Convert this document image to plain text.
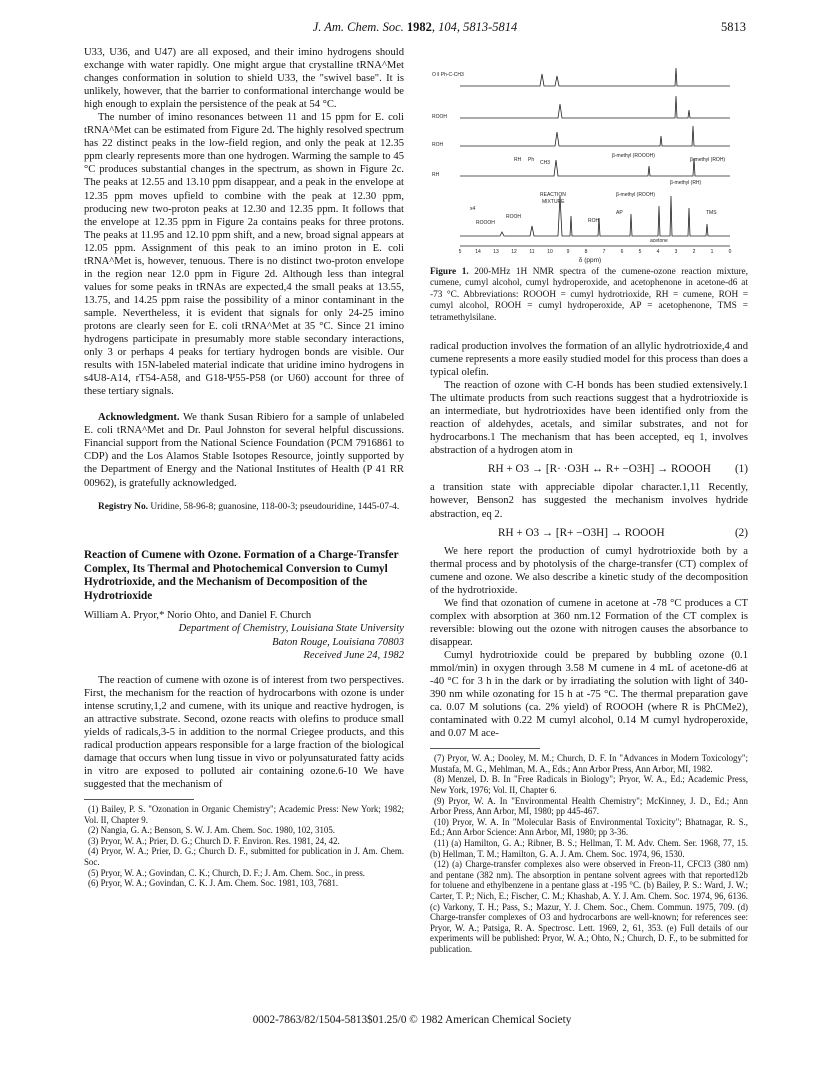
J. Am. Chem. Soc. 1982, 104, 5813-5814	5813

U33, U36, and U47) are all exposed, and their imino hydrogens should exchange with water rapidly. One might argue that crystalline tRNA^Met changes conformation in solution to shield U33, the "swivel base". It is unlikely, however, that the barrier to conformational interchange would be high enough to explain the persistence of the peak at 54 °C.

The number of imino resonances between 11 and 15 ppm for E. coli tRNA^Met can be estimated from Figure 2d. The highly resolved spectrum has 22 distinct peaks in the low-field region, and only the peak at 12.35 ppm clearly represents more than one hydrogen. Warming the sample to 45 °C produces substantial changes in the spectrum, as shown in Figure 2c. The peaks at 12.55 and 13.10 ppm disappear, and a peak in the envelope at 12.35 ppm moves upfield to combine with the peak at 12.30 ppm, producing new two-proton peaks at 12.30 and 12.35 ppm. It follows that the envelope at 12.35 ppm in Figure 2a contains peaks for three protons. The peaks at 11.95 and 12.10 ppm shift, and a new, broad signal appears at 12.05 ppm. Assignment of this peak to an imino proton in E. coli tRNA^Met is, however, tenuous. There is no distinct two-proton envelope in the region near 12.0 ppm in Figure 2d. Although less than integral values for some peaks in tRNAs are expected,4 the small peaks at 13.55, 13.75, and 14.25 ppm raise the possibility of a minor contaminant in the sample. Nevertheless, it is evident that signals for only 24-25 imino protons are clearly seen for E. coli tRNA^Met at 35 °C. Since 21 imino hydrogens participate in presumably more stable secondary interactions, only 3 or perhaps 4 peaks for tertiary hydrogen bonds are visible. Our results with 15N-labeled material indicate that uridine imino hydrogens in s4U8-A14, rT54-A58, and G18-Ψ55-P58 (or U60) account for three of these tertiary signals.

Acknowledgment. We thank Susan Ribiero for a sample of unlabeled E. coli tRNA^Met and Dr. Paul Johnston for several helpful discussions. Financial support from the National Science Foundation (PCM 7916861 to CDP) and the Los Alamos Stable Isotopes Resource, jointly supported by the Department of Energy and the National Institutes of Health (P 41 RR 00962), is gratefully acknowledged.

Registry No. Uridine, 58-96-8; guanosine, 118-00-3; pseudouridine, 1445-07-4.

Reaction of Cumene with Ozone. Formation of a Charge-Transfer Complex, Its Thermal and Photochemical Conversion to Cumyl Hydrotrioxide, and the Mechanism of Decomposition of the Hydrotrioxide

William A. Pryor,* Norio Ohto, and Daniel F. Church

Department of Chemistry, Louisiana State University

Baton Rouge, Louisiana 70803

Received June 24, 1982

The reaction of cumene with ozone is of interest from two perspectives. First, the mechanism for the reaction of hydrocarbons with ozone is under intense scrutiny,1,2 and cumene, with its unique and reactive hydrogen, is an attractive substrate. Second, ozone reacts with olefins to produce small yields of radicals,3-5 in addition to the normal Criegee products, and this radical production appears responsible for a large fraction of the biological damage that occurs when lung tissue in vivo or polyunsaturated fatty acids in vitro are exposed to polluted air containing ozone.6-10 We have suggested that the mechanism of

(1) Bailey, P. S. "Ozonation in Organic Chemistry"; Academic Press: New York; 1982; Vol. II, Chapter 9.

(2) Nangia, G. A.; Benson, S. W. J. Am. Chem. Soc. 1980, 102, 3105.

(3) Pryor, W. A.; Prier, D. G.; Church D. F. Environ. Res. 1981, 24, 42.

(4) Pryor, W. A.; Prier, D. G.; Church D. F., submitted for publication in J. Am. Chem. Soc.

(5) Pryor, W. A.; Govindan, C. K.; Church, D. F.; J. Am. Chem. Soc., in press.

(6) Pryor, W. A.; Govindan, C. K. J. Am. Chem. Soc. 1981, 103, 7681.

O ‖ Ph-C-CH3
ROOH
ROH
RH
RH Ph CH3
β-methyl (ROOOH)
β-methyl (ROH)
β-methyl (RH)
β-methyl (ROOH)
TMS
REACTION
MIXTURE
ROOOH
ROOH
ROH
AP
acetone
x4
5	14 13 12	11	10	9	8	7	6	5	4	3	2	1	0
δ (ppm)
Figure 1. 200-MHz 1H NMR spectra of the cumene-ozone reaction mixture, cumene, cumyl alcohol, cumyl hydroperoxide, and acetophenone in acetone-d6 at -73 °C. Abbreviations: ROOOH = cumyl hydrotrioxide, RH = cumene, ROH = cumyl alcohol, ROOH = cumyl hydroperoxide, AP = acetophenone, TMS = tetramethylsilane.

radical production involves the formation of an allylic hydrotrioxide,4 and cumene represents a more easily studied model for this process than does a typical olefin.

The reaction of ozone with C-H bonds has been studied extensively.1 The ultimate products from such reactions suggest that a hydrotrioxide is an intermediate, but hydrotrioxides have been identified only from the reaction of aldehydes, acetals, and similar substrates, and not for hydrocarbons.1 The mechanism that has been accepted, eq 1, involves abstraction of a hydrogen atom in

RH + O3 → [R· ·O3H ↔ R+ −O3H] → ROOOH (1)

a transition state with appreciable dipolar character.1,11 Recently, however, Benson2 has suggested the mechanism involves hydride abstraction, eq 2.

RH + O3 → [R+ −O3H] → ROOOH	(2)

We here report the production of cumyl hydrotrioxide both by a thermal process and by photolysis of the charge-transfer (CT) complex of cumene and ozone. We also describe a kinetic study of the decomposition of the hydrotrioxide.

We find that ozonation of cumene in acetone at -78 °C produces a CT complex with absorption at 360 nm.12 Formation of the CT complex is reversible: blowing out the ozone with nitrogen causes the absorbance to disappear.

Cumyl hydrotrioxide could be prepared by bubbling ozone (0.1 mmol/min) in oxygen through 3.58 M cumene in 4 mL of acetone-d6 at -40 °C for 3 h in the dark or by irradiating the solution with light of 340-390 nm while ozonating for 15 h at -75 °C. The thermal preparation gave ca. 0.07 M solutions (ca. 2% yield) of ROOOH (where R is PhCMe2), contaminated with 0.22 M cumyl alcohol, 0.14 M cumyl hydroperoxide, and 0.07 M ace-

(7) Pryor, W. A.; Dooley, M. M.; Church, D. F. In "Advances in Modern Toxicology"; Mustafa, M. G., Mehlman, M. A., Eds.; Ann Arbor Press, Ann Arbor, MI, 1982.

(8) Menzel, D. B. In "Free Radicals in Biology"; Pryor, W. A., Ed.; Academic Press, New York, 1976; Vol. II, Chapter 6.

(9) Pryor, W. A. In "Environmental Health Chemistry"; McKinney, J. D., Ed.; Ann Arbor Press, Ann Arbor, MI, 1980; pp 445-467.

(10) Pryor, W. A. In "Molecular Basis of Environmental Toxicity"; Bhatnagar, R. S., Ed.; Ann Arbor Science: Ann Arbor, MI, 1980; pp 3-36.

(11) (a) Hamilton, G. A.; Ribner, B. S.; Hellman, T. M. Adv. Chem. Ser. 1968, 77, 15. (b) Hellman, T. M.; Hamilton, G. A. J. Am. Chem. Soc. 1974, 96, 1530.

(12) (a) Charge-transfer complexes also were observed in Freon-11, CFCl3 (380 nm) and pentane (382 nm). The absorption in pentane solvent agrees with that reported12b for toluene and ethylbenzene in a pentane glass at -195 °C. (b) Bailey, P. S.: Ward, J. W.; Carter, T. P.; Nich, E.; Fischer, C. M.; Khashab, A. Y. J. Am. Chem. Soc. 1974, 96, 6136. (c) Varkony, T. H.; Pass, S.; Mazur, Y. J. Chem. Soc., Chem. Commun. 1975, 709. (d) Charge-transfer complexes of O3 and hydrocarbons are well-known; for references see: Pryor, W. A.; Patsiga, R. A. Spectrosc. Lett. 1969, 2, 61, 353. (e) Full details of our experiments will be published: Pryor, W. A.; Ohto, N.; Church, D. F., to be submitted for publication.

0002-7863/82/1504-5813$01.25/0 © 1982 American Chemical Society
